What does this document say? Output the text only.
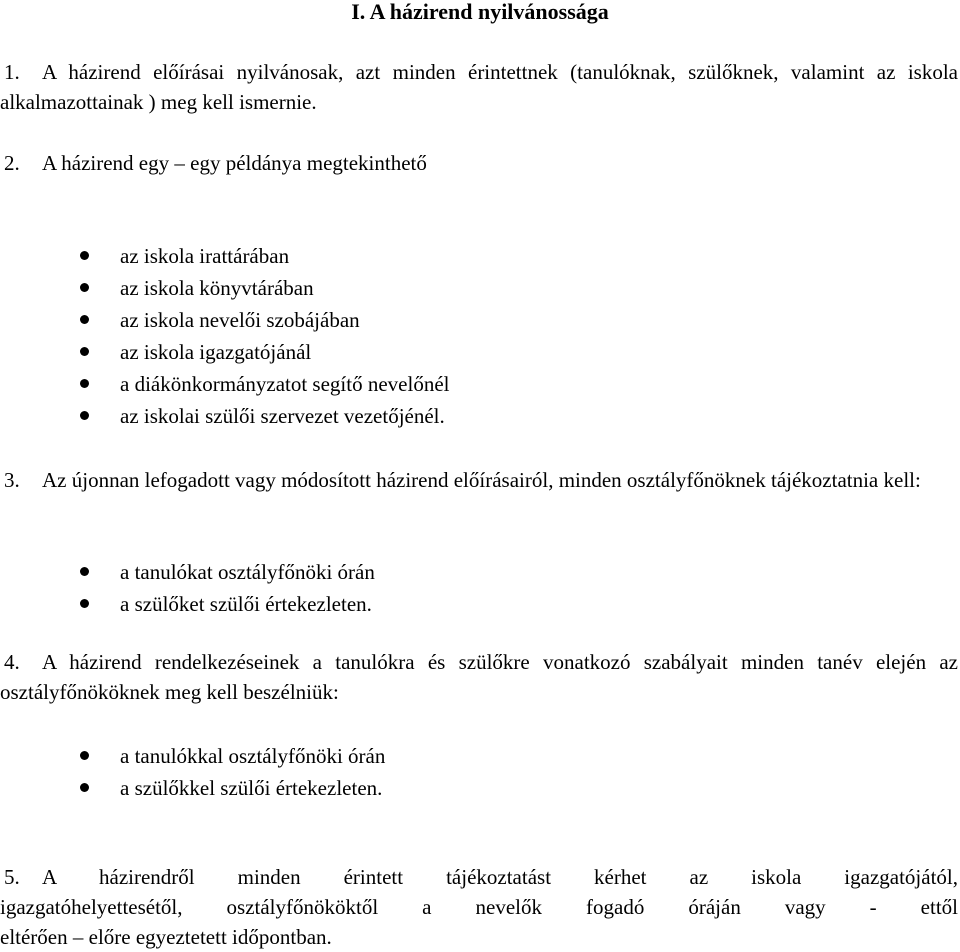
I. A házirend nyilvánossága
1.	A házirend előírásai nyilvánosak, azt minden érintettnek (tanulóknak, szülőknek, valamint az iskola alkalmazottainak ) meg kell ismernie.
2.	A házirend egy – egy példánya megtekinthető
az iskola irattárában
az iskola könyvtárában
az iskola nevelői szobájában
az iskola igazgatójánál
a diákönkormányzatot segítő nevelőnél
az iskolai szülői szervezet vezetőjénél.
3.	Az újonnan lefogadott vagy módosított házirend előírásairól, minden osztályfőnöknek tájékoztatnia kell:
a tanulókat osztályfőnöki órán
a szülőket szülői értekezleten.
4.	A házirend rendelkezéseinek a tanulókra és szülőkre vonatkozó szabályait minden tanév elején az osztályfőnököknek meg kell beszélniük:
a tanulókkal osztályfőnöki órán
a szülőkkel szülői értekezleten.
5.	A házirendről minden érintett tájékoztatást kérhet az iskola igazgatójától,
igazgatóhelyettesétől, osztályfőnököktől a nevelők fogadó óráján vagy - ettől
eltérően – előre egyeztetett időpontban.
